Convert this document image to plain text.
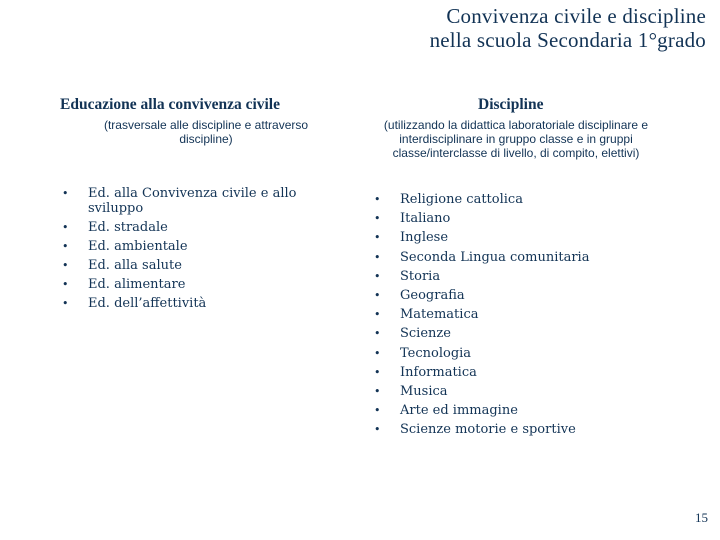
Convivenza civile e discipline
nella scuola Secondaria 1°grado
Educazione alla convivenza civile
(trasversale alle discipline e attraverso discipline)
• Ed. alla Convivenza civile e allo sviluppo
• Ed. stradale
• Ed. ambientale
• Ed. alla salute
• Ed. alimentare
• Ed. dell’affettività
Discipline
(utilizzando la didattica laboratoriale disciplinare e interdisciplinare in gruppo classe e in gruppi classe/interclasse di livello, di compito, elettivi)
• Religione cattolica
• Italiano
• Inglese
• Seconda Lingua comunitaria
• Storia
• Geografia
• Matematica
• Scienze
• Tecnologia
• Informatica
• Musica
• Arte ed immagine
• Scienze motorie e sportive
15
